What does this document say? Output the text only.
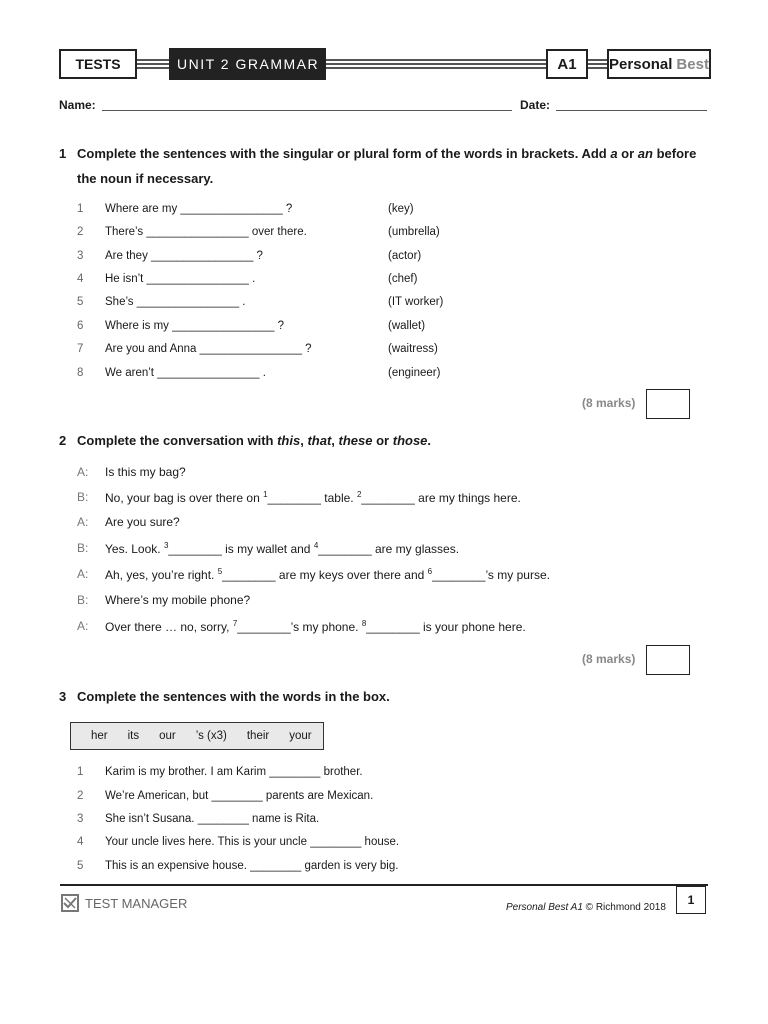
TESTS	UNIT 2 GRAMMAR	A1	Personal Best
Name:	Date:
1 Complete the sentences with the singular or plural form of the words in brackets. Add a or an before the noun if necessary.
1 Where are my ________________ ?	(key)
2 There’s ________________ over there.	(umbrella)
3 Are they ________________ ?	(actor)
4 He isn’t ________________ .	(chef)
5 She’s ________________ .	(IT worker)
6 Where is my ________________ ?	(wallet)
7 Are you and Anna ________________ ?	(waitress)
8 We aren’t ________________ .	(engineer)
(8 marks)
2 Complete the conversation with this, that, these or those.
A: Is this my bag?
B: No, your bag is over there on $^1$________ table. $^2$________ are my things here.
A: Are you sure?
B: Yes. Look. $^3$________ is my wallet and $^4$________ are my glasses.
A: Ah, yes, you’re right. $^5$________ are my keys over there and $^6$________’s my purse.
B: Where’s my mobile phone?
A: Over there … no, sorry, $^7$________’s my phone. $^8$________ is your phone here.
(8 marks)
3 Complete the sentences with the words in the box.
her its our ’s (x3) their your
1 Karim is my brother. I am Karim ________ brother.
2 We’re American, but ________ parents are Mexican.
3 She isn’t Susana. ________ name is Rita.
4 Your uncle lives here. This is your uncle ________ house.
5 This is an expensive house. ________ garden is very big.
TEST MANAGER	Personal Best A1 © Richmond 2018
1
